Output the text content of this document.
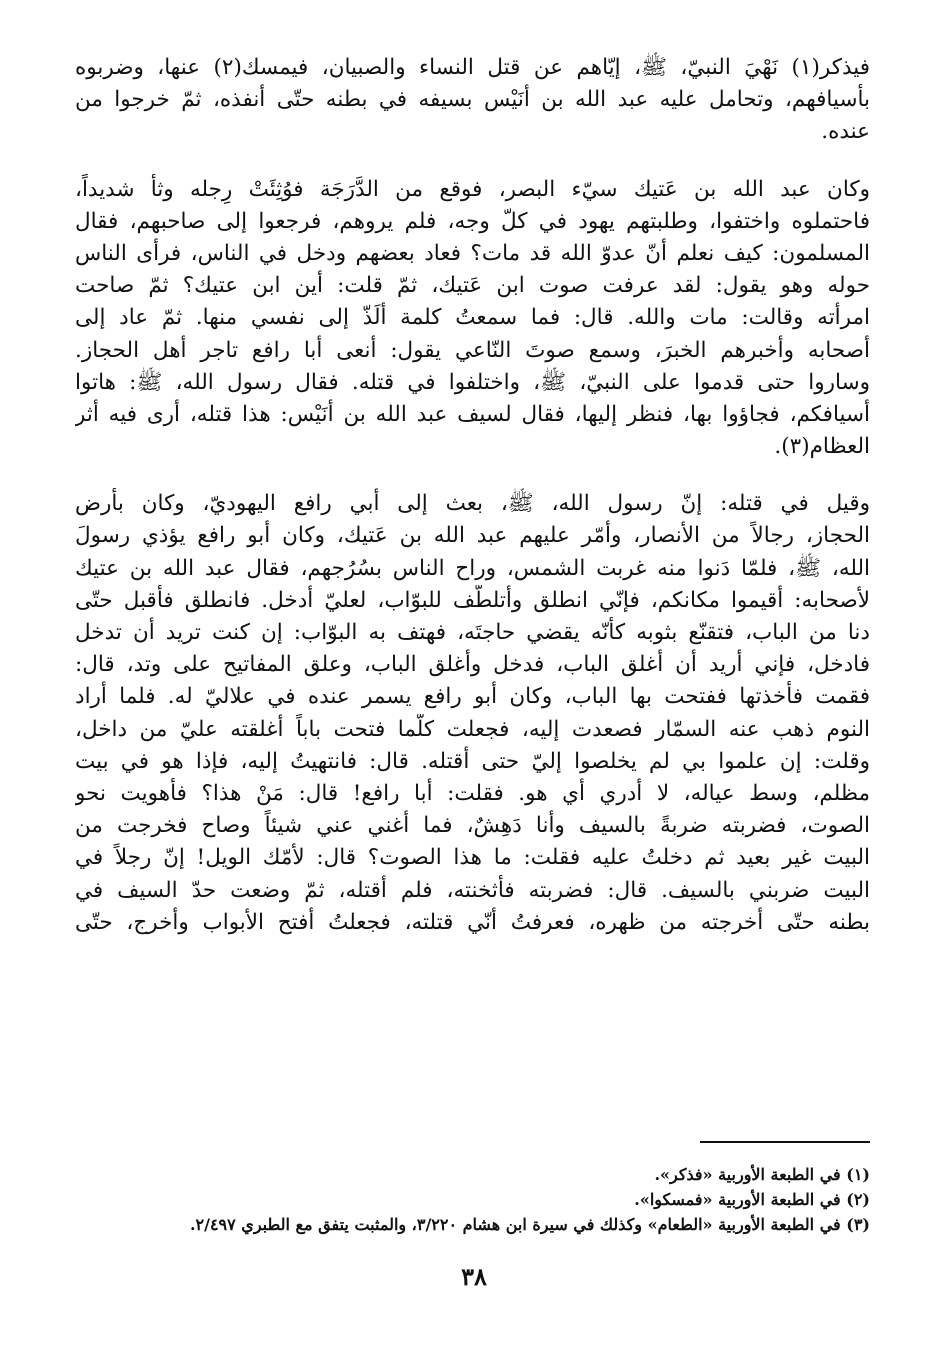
فيذكر(١) نَهْيَ النبيّ، ﷺ، إيّاهم عن قتل النساء والصبيان، فيمسك(٢) عنها، وضربوه
بأسيافهم، وتحامل عليه عبد الله بن أُنَيْس بسيفه في بطنه حتّى أنفذه، ثمّ خرجوا من
عنده.
وكان عبد الله بن عَتيك سيّء البصر، فوقع من الدَّرَجَة فوُثِئَتْ رِجله وثأً شديداً،
فاحتملوه واختفوا، وطلبتهم يهود في كلّ وجه، فلم يروهم، فرجعوا إلى صاحبهم، فقال
المسلمون: كيف نعلم أنّ عدوّ الله قد مات؟ فعاد بعضهم ودخل في الناس، فرأى الناس
حوله وهو يقول: لقد عرفت صوت ابن عَتيك، ثمّ قلت: أين ابن عتيك؟ ثمّ صاحت
امرأته وقالت: مات والله. قال: فما سمعتُ كلمة ألَذّ إلى نفسي منها. ثمّ عاد إلى
أصحابه وأخبرهم الخبرَ، وسمع صوتَ النّاعي يقول: أنعى أبا رافع تاجر أهل الحجاز.
وساروا حتى قدموا على النبيّ، ﷺ، واختلفوا في قتله. فقال رسول الله، ﷺ: هاتوا
أسيافكم، فجاؤوا بها، فنظر إليها، فقال لسيف عبد الله بن أُنَيْس: هذا قتله، أرى فيه أثر
العظام(٣).
وقيل في قتله: إنّ رسول الله، ﷺ، بعث إلى أبي رافع اليهوديّ، وكان بأرض
الحجاز، رجالاً من الأنصار، وأمّر عليهم عبد الله بن عَتيك، وكان أبو رافع يؤذي رسولَ
الله، ﷺ، فلمّا دَنوا منه غربت الشمس، وراح الناس بسُرُجهم، فقال عبد الله بن عتيك
لأصحابه: أقيموا مكانكم، فإنّي انطلق وأتلطّف للبوّاب، لعليّ أدخل. فانطلق فأقبل حتّى
دنا من الباب، فتقنّع بثوبه كأنّه يقضي حاجتَه، فهتف به البوّاب: إن كنت تريد أن تدخل
فادخل، فإني أريد أن أغلق الباب، فدخل وأغلق الباب، وعلق المفاتيح على وتد، قال:
فقمت فأخذتها ففتحت بها الباب، وكان أبو رافع يسمر عنده في علاليّ له. فلما أراد
النوم ذهب عنه السمّار فصعدت إليه، فجعلت كلّما فتحت باباً أغلقته عليّ من داخل،
وقلت: إن علموا بي لم يخلصوا إليّ حتى أقتله. قال: فانتهيتُ إليه، فإذا هو في بيت
مظلم، وسط عياله، لا أدري أي هو. فقلت: أبا رافع! قال: مَنْ هذا؟ فأهويت نحو
الصوت، فضربته ضربةً بالسيف وأنا دَهِشٌ، فما أغني عني شيئاً وصاح فخرجت من
البيت غير بعيد ثم دخلتُ عليه فقلت: ما هذا الصوت؟ قال: لأمّك الويل! إنّ رجلاً في
البيت ضربني بالسيف. قال: فضربته فأثخنته، فلم أقتله، ثمّ وضعت حدّ السيف في
بطنه حتّى أخرجته من ظهره، فعرفتُ أنّي قتلته، فجعلتُ أفتح الأبواب وأخرج، حتّى
(١) في الطبعة الأوربية «فذكر».
(٢) في الطبعة الأوربية «فمسكوا».
(٣) في الطبعة الأوربية «الطعام» وكذلك في سيرة ابن هشام ٣/٢٢٠، والمثبت يتفق مع الطبري ٢/٤٩٧.
٣٨
